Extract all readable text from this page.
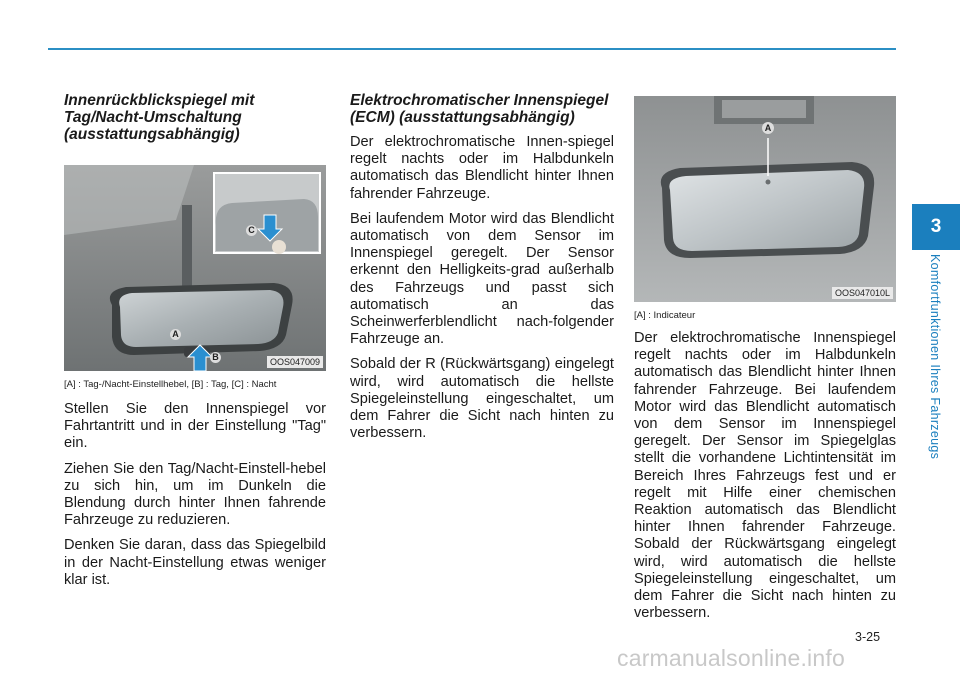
Innenrückblickspiegel mit Tag/Nacht-Umschaltung (ausstattungsabhängig)
A
B
C
OOS047009
[A] : Tag-/Nacht-Einstellhebel, [B] : Tag, [C] : Nacht

Stellen Sie den Innenspiegel vor Fahrtantritt und in der Einstellung "Tag" ein.

Ziehen Sie den Tag/Nacht-Einstell-hebel zu sich hin, um im Dunkeln die Blendung durch hinter Ihnen fahrende Fahrzeuge zu reduzieren.

Denken Sie daran, dass das Spiegelbild in der Nacht-Einstellung etwas weniger klar ist.

Elektrochromatischer Innenspiegel (ECM) (ausstattungsabhängig)

Der elektrochromatische Innen-spiegel regelt nachts oder im Halbdunkeln automatisch das Blendlicht hinter Ihnen fahrender Fahrzeuge.

Bei laufendem Motor wird das Blendlicht automatisch von dem Sensor im Innenspiegel geregelt. Der Sensor erkennt den Helligkeits-grad außerhalb des Fahrzeugs und passt sich automatisch an das Scheinwerferblendlicht nach-folgender Fahrzeuge an.

Sobald der R (Rückwärtsgang) eingelegt wird, wird automatisch die hellste Spiegeleinstellung eingeschaltet, um dem Fahrer die Sicht nach hinten zu verbessern.

A
OOS047010L
[A] : Indicateur

Der elektrochromatische Innenspiegel regelt nachts oder im Halbdunkeln automatisch das Blendlicht hinter Ihnen fahrender Fahrzeuge. Bei laufendem Motor wird das Blendlicht automatisch von dem Sensor im Innenspiegel geregelt. Der Sensor im Spiegelglas stellt die vorhandene Lichtintensität im Bereich Ihres Fahrzeugs fest und er regelt mit Hilfe einer chemischen Reaktion automatisch das Blendlicht hinter Ihnen fahrender Fahrzeuge. Sobald der Rückwärtsgang eingelegt wird, wird automatisch die hellste Spiegeleinstellung eingeschaltet, um dem Fahrer die Sicht nach hinten zu verbessern.

3
Komfortfunktionen Ihres Fahrzeugs
3-25
carmanualsonline.info
